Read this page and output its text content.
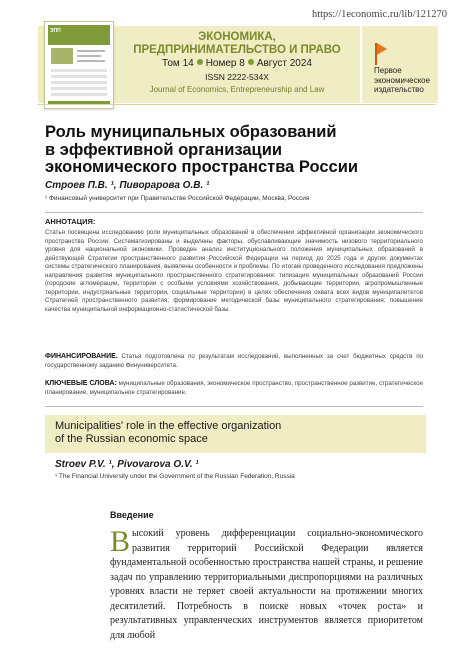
https://1economic.ru/lib/121270
ЭПП	ЭКОНОМИКА,
ПРЕДПРИНИМАТЕЛЬСТВО И ПРАВО
Том 14 Номер 8 Август 2024
ISSN 2222-534X
Journal of Economics, Entrepreneurship and Law
Первое
экономическое
издательство
Роль муниципальных образований
в эффективной организации
экономического пространства России
Строев П.В. ¹, Пиворарова О.В. ¹
¹ Финансовый университет при Правительстве Российской Федерации, Москва, Россия
АННОТАЦИЯ:
Статья посвящена исследованию роли муниципальных образований в обеспечении эффективной организации экономического пространства России. Систематизированы и выделены факторы, обуславливающие значимость низового территориального уровня для национальной экономики. Проведен анализ институционального положения муниципальных образований в действующей Стратегии пространственного развития Российской Федерации на период до 2025 года и других документах системы стратегического планирования, выявлены особенности и проблемы. По итогам проведенного исследования предложены направления развития муниципального пространственного стратегирования: типизация муниципальных образований России (городские агломерации, территории с особыми условиями хозяйствования, добывающие территории, агропромышленные территории, индустриальные территории, социальные территории) в целях обеспечения охвата всех видов муниципалитетов Стратегией пространственного развития; формирование методической базы муниципального стратегирования; повышение качества муниципальной информационно-статистической базы.
ФИНАНСИРОВАНИЕ. Статья подготовлена по результатам исследований, выполненных за счет бюджетных средств по государственному заданию Финуниверситета.
КЛЮЧЕВЫЕ СЛОВА: муниципальные образования, экономическое пространство, пространственное развитие, стратегическое планирование, муниципальное стратегирование.
Municipalities' role in the effective organization
of the Russian economic space
Stroev P.V. ¹, Pivovarova O.V. ¹
¹ The Financial University under the Government of the Russian Federation, Russia
Введение
Высокий уровень дифференциации социально-экономического развития территорий Российской Федерации является фундаментальной особенностью пространства нашей страны, и решение задач по управлению территориальными диспропорциями на различных уровнях власти не теряет своей актуальности на протяжении многих десятилетий. Потребность в поиске новых «точек роста» и результативных управленческих инструментов является приоритетом для любой
